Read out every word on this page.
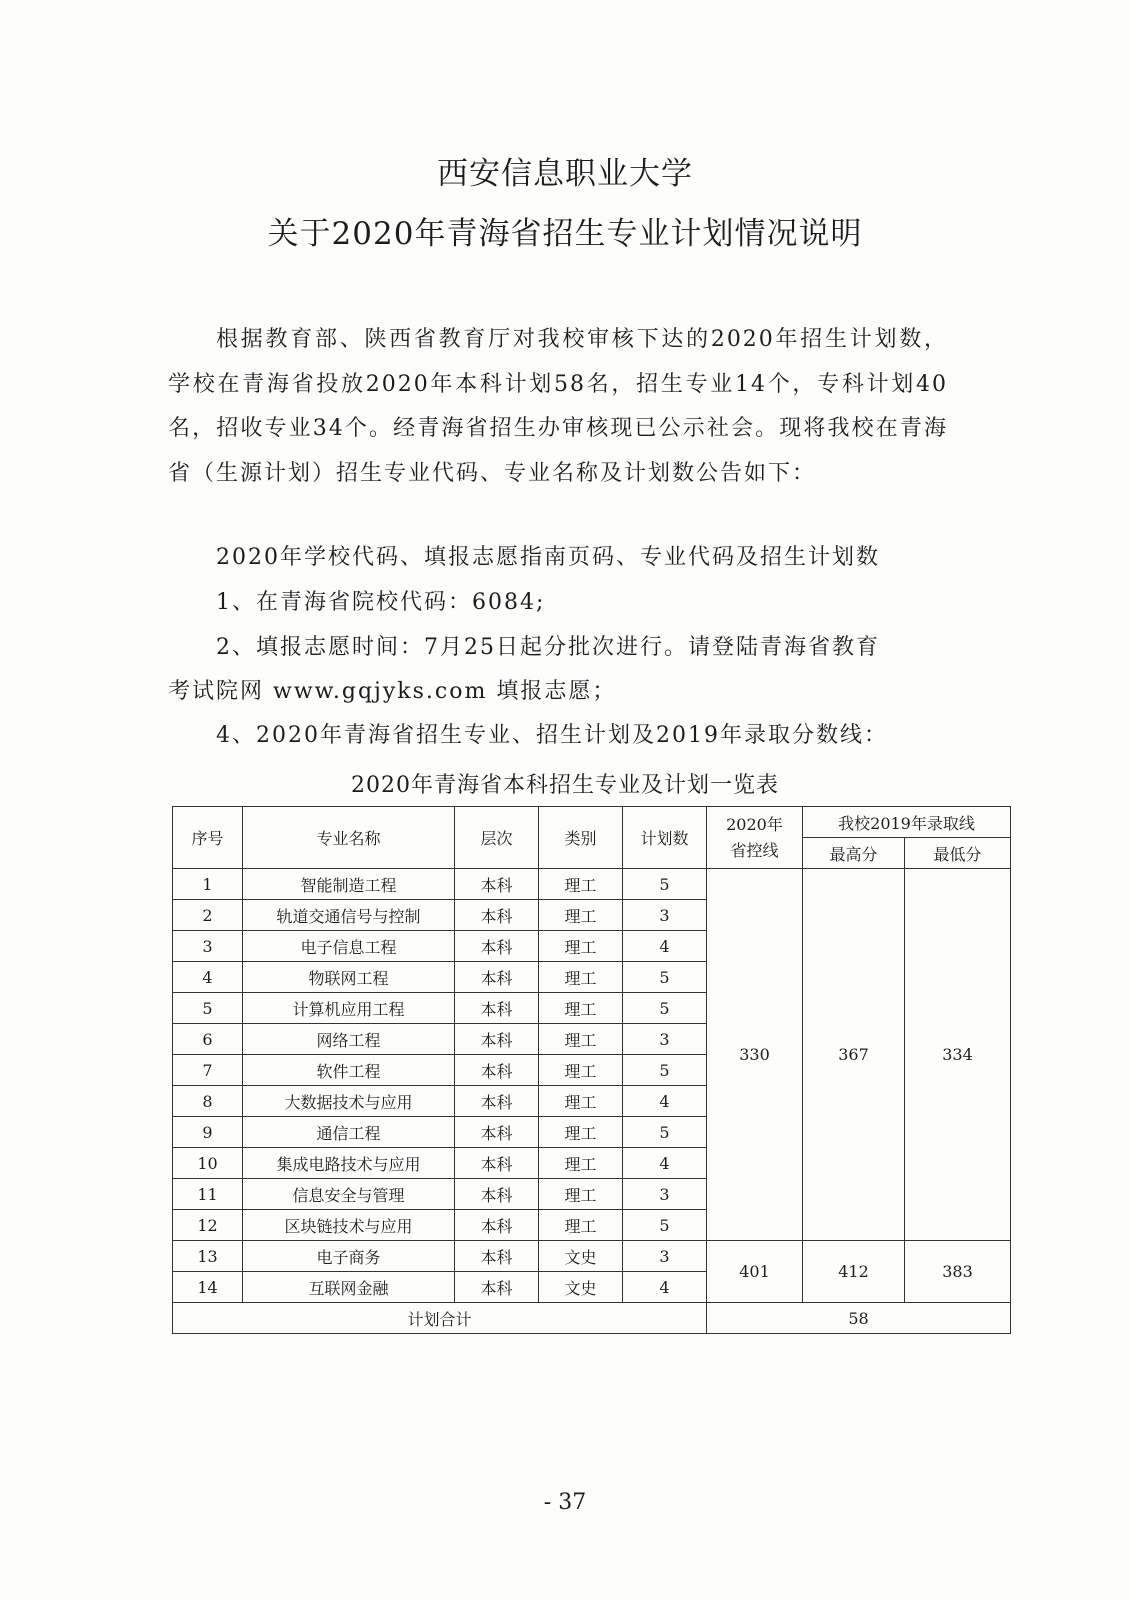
西安信息职业大学
关于2020年青海省招生专业计划情况说明

根据教育部、陕西省教育厅对我校审核下达的2020年招生计划数，学校在青海省投放2020年本科计划58名，招生专业14个，专科计划40名，招收专业34个。经青海省招生办审核现已公示社会。现将我校在青海省（生源计划）招生专业代码、专业名称及计划数公告如下：

2020年学校代码、填报志愿指南页码、专业代码及招生计划数

1、在青海省院校代码：6084;

2、填报志愿时间：7月25日起分批次进行。请登陆青海省教育

考试院网 www.gqjyks.com 填报志愿；

4、2020年青海省招生专业、招生计划及2019年录取分数线：

2020年青海省本科招生专业及计划一览表
序号	专业名称	层次	类别	计划数	2020年省控线	我校2019年录取线	
						最高分	最低分
1	智能制造工程	本科	理工	5	330	367	334
2	轨道交通信号与控制	本科	理工	3			
3	电子信息工程	本科	理工	4			
4	物联网工程	本科	理工	5			
5	计算机应用工程	本科	理工	5			
6	网络工程	本科	理工	3			
7	软件工程	本科	理工	5			
8	大数据技术与应用	本科	理工	4			
9	通信工程	本科	理工	5			
10	集成电路技术与应用	本科	理工	4			
11	信息安全与管理	本科	理工	3			
12	区块链技术与应用	本科	理工	5			
13	电子商务	本科	文史	3	401	412	383
14	互联网金融	本科	文史	4			
计划合计					58		
- 37
